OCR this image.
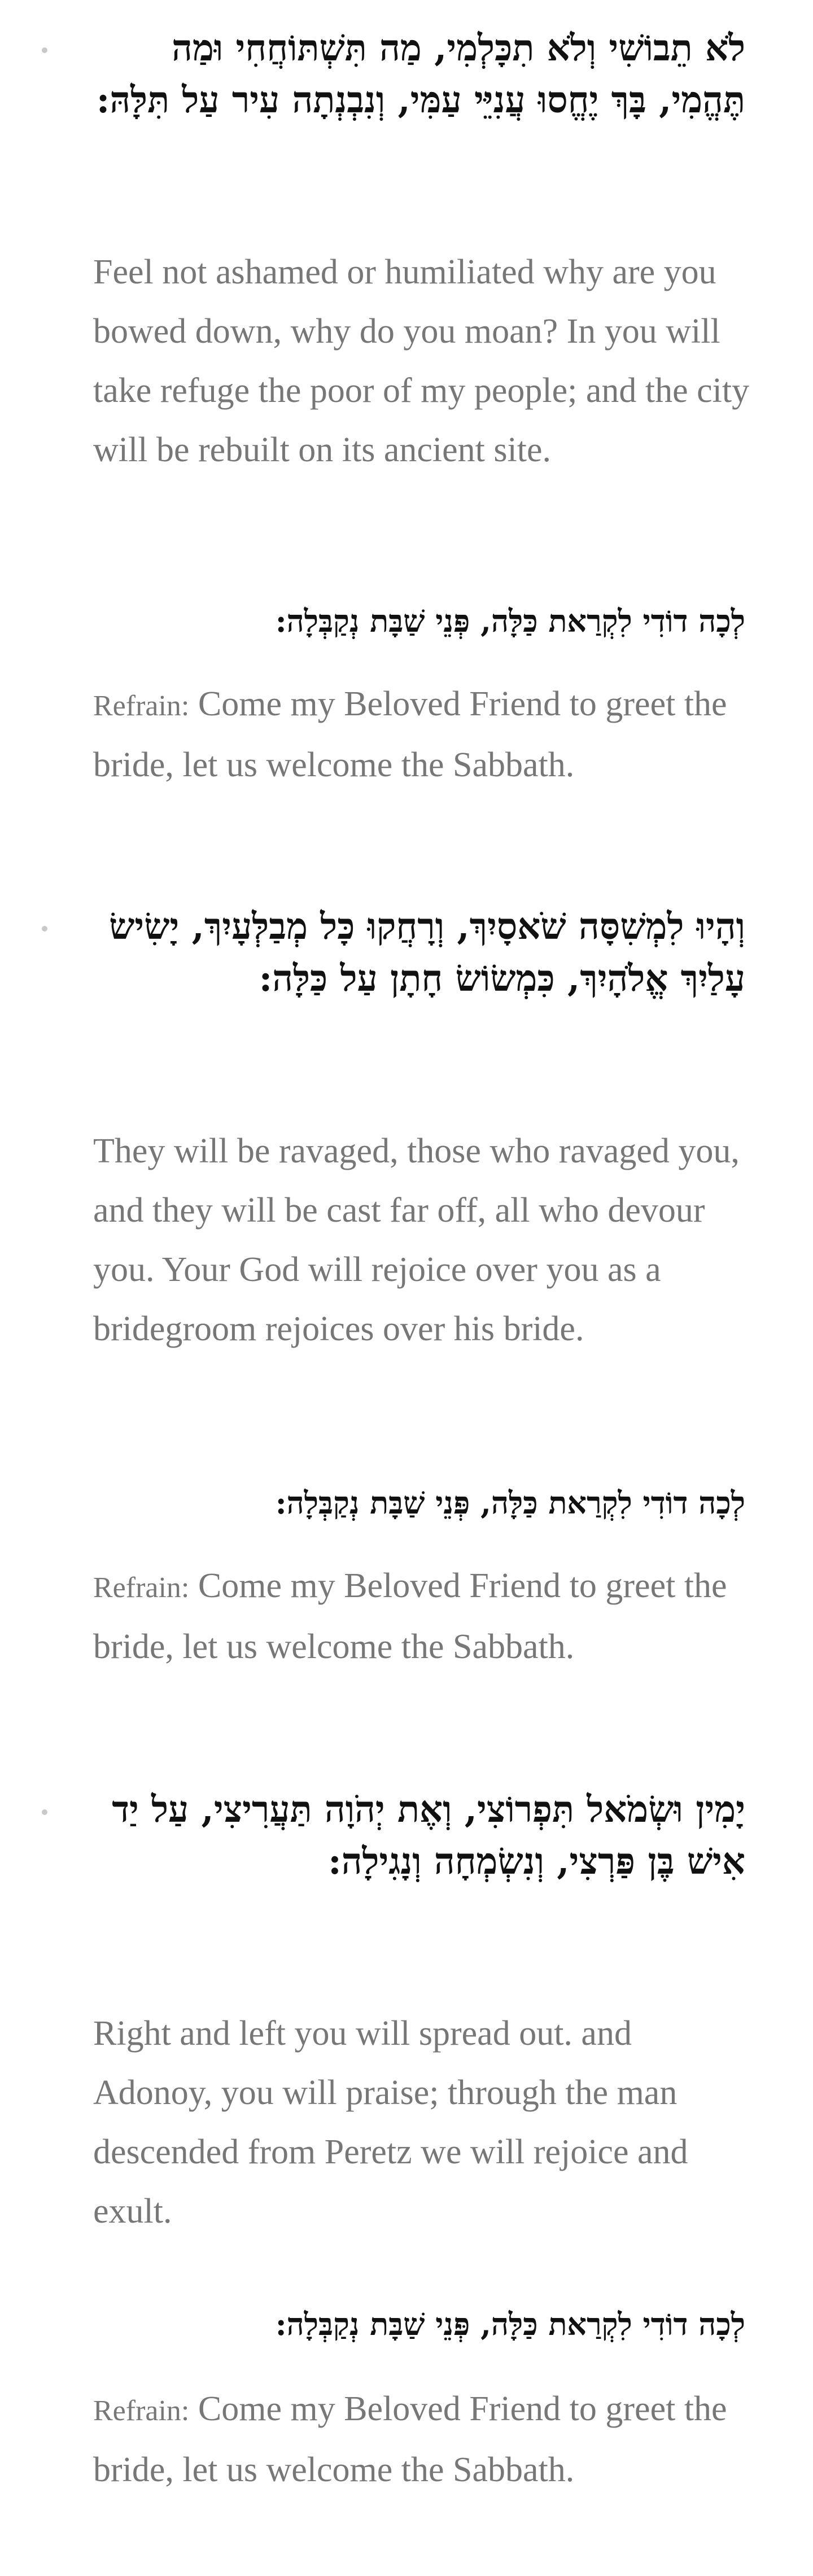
לֹא תֵבוֹשִׁי וְלֹא תִכָּלְמִי, מַה תִּשְׁתּוֹחֲחִי וּמַה תֶּהֱמִי, בָּךְ יֶחֱסוּ עֲנִיֵּי עַמִּי, וְנִבְנְתָה עִיר עַל תִּלָּהּ:
Feel not ashamed or humiliated why are you bowed down, why do you moan? In you will take refuge the poor of my people; and the city will be rebuilt on its ancient site.
לְכָה דוֹדִי לִקְרַאת כַּלָּה, פְּנֵי שַׁבָּת נְקַבְּלָה:
Refrain: Come my Beloved Friend to greet the bride, let us welcome the Sabbath.
וְהָיוּ לִמְשִׁסָּה שֹׁאסָיִךְ, וְרָחֲקוּ כָּל מְבַלְּעָיִךְ, יָשִׂישׂ עָלַיִךְ אֱלֹהָיִךְ, כִּמְשׂוֹשׂ חָתָן עַל כַּלָּה:
They will be ravaged, those who ravaged you, and they will be cast far off, all who devour you. Your God will rejoice over you as a bridegroom rejoices over his bride.
לְכָה דוֹדִי לִקְרַאת כַּלָּה, פְּנֵי שַׁבָּת נְקַבְּלָה:
Refrain: Come my Beloved Friend to greet the bride, let us welcome the Sabbath.
יָמִין וּשְׂמֹאל תִּפְרוֹצִי, וְאֶת יְהֹוָה תַּעֲרִיצִי, עַל יַד אִישׁ בֶּן פַּרְצִי, וְנִשְׂמְחָה וְנָגִילָה:
Right and left you will spread out. and Adonoy, you will praise; through the man descended from Peretz we will rejoice and exult.
לְכָה דוֹדִי לִקְרַאת כַּלָּה, פְּנֵי שַׁבָּת נְקַבְּלָה:
Refrain: Come my Beloved Friend to greet the bride, let us welcome the Sabbath.
